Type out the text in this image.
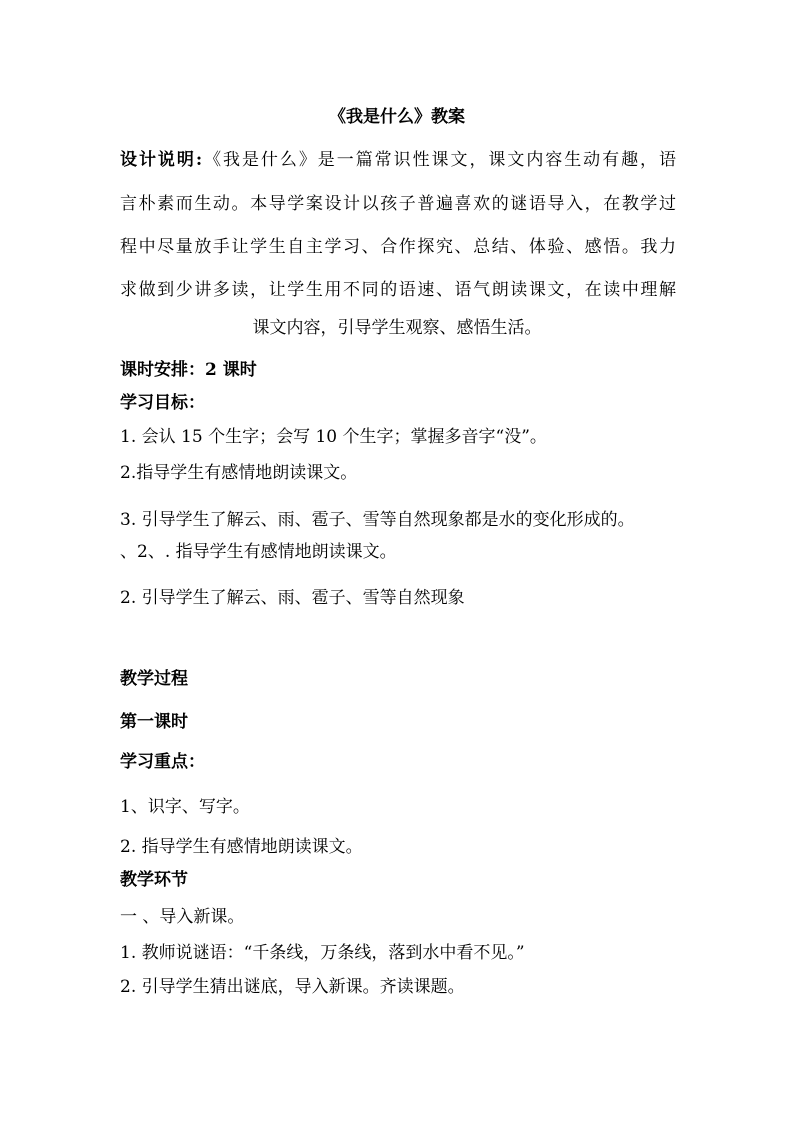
《我是什么》教案
设计说明:《我是什么》是一篇常识性课文，课文内容生动有趣，语
言朴素而生动。本导学案设计以孩子普遍喜欢的谜语导入，在教学过
程中尽量放手让学生自主学习、合作探究、总结、体验、感悟。我力
求做到少讲多读，让学生用不同的语速、语气朗读课文，在读中理解
课文内容，引导学生观察、感悟生活。
课时安排：2 课时
学习目标：
1. 会认 15 个生字；会写 10 个生字；掌握多音字“没”。
2.指导学生有感情地朗读课文。
3. 引导学生了解云、雨、雹子、雪等自然现象都是水的变化形成的。
、2、. 指导学生有感情地朗读课文。
2. 引导学生了解云、雨、雹子、雪等自然现象
教学过程
第一课时
学习重点：
1、识字、写字。
2. 指导学生有感情地朗读课文。
教学环节
一 、导入新课。
1. 教师说谜语：“千条线，万条线，落到水中看不见。”
2. 引导学生猜出谜底，导入新课。齐读课题。
